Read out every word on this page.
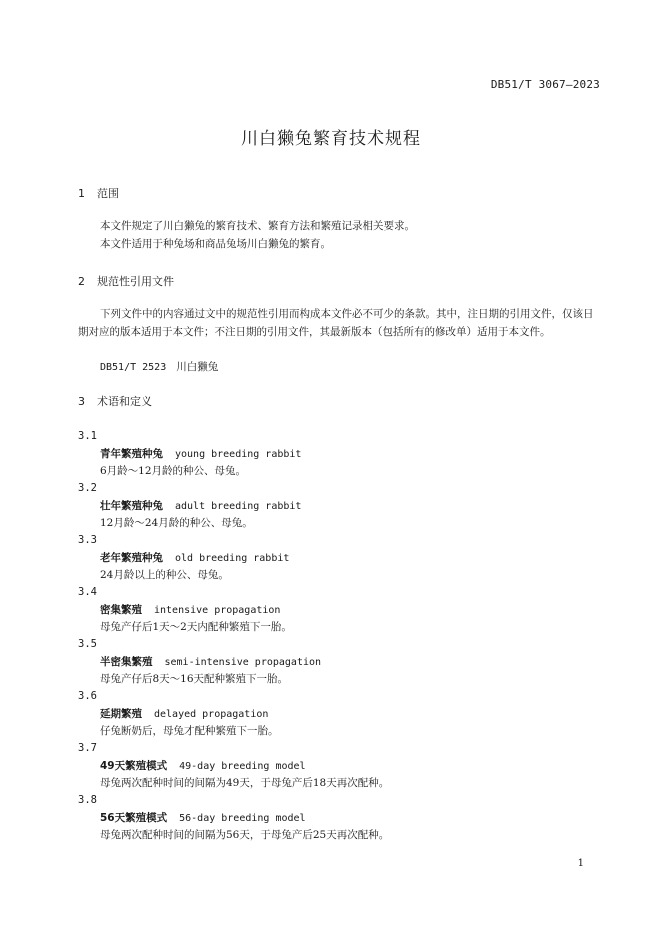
DB51/T 3067—2023
川白獭兔繁育技术规程
1 范围
本文件规定了川白獭兔的繁育技术、繁育方法和繁殖记录相关要求。
本文件适用于种兔场和商品兔场川白獭兔的繁育。
2 规范性引用文件
下列文件中的内容通过文中的规范性引用而构成本文件必不可少的条款。其中，注日期的引用文件，仅该日期对应的版本适用于本文件；不注日期的引用文件，其最新版本（包括所有的修改单）适用于本文件。
DB51/T 2523 川白獭兔
3 术语和定义
3.1
青年繁殖种兔 young breeding rabbit
6月龄～12月龄的种公、母兔。
3.2
壮年繁殖种兔 adult breeding rabbit
12月龄～24月龄的种公、母兔。
3.3
老年繁殖种兔 old breeding rabbit
24月龄以上的种公、母兔。
3.4
密集繁殖 intensive propagation
母兔产仔后1天～2天内配种繁殖下一胎。
3.5
半密集繁殖 semi-intensive propagation
母兔产仔后8天～16天配种繁殖下一胎。
3.6
延期繁殖 delayed propagation
仔兔断奶后，母兔才配种繁殖下一胎。
3.7
49天繁殖模式 49-day breeding model
母兔两次配种时间的间隔为49天，于母兔产后18天再次配种。
3.8
56天繁殖模式 56-day breeding model
母兔两次配种时间的间隔为56天，于母兔产后25天再次配种。
1
